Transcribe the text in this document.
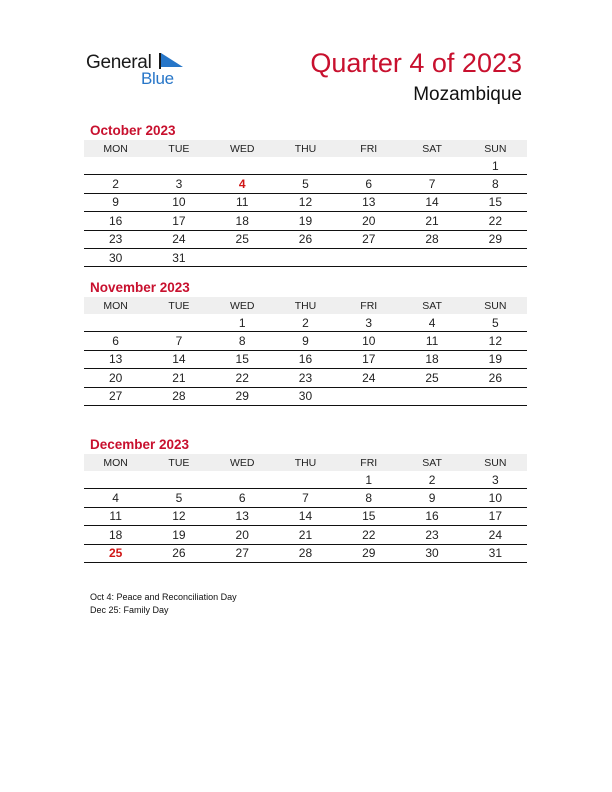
General
Blue
Quarter 4 of 2023
Mozambique
October 2023
MON	TUE	WED	THU	FRI	SAT	SUN
						1
2	3	4	5	6	7	8
9	10	11	12	13	14	15
16	17	18	19	20	21	22
23	24	25	26	27	28	29
30	31					
November 2023
MON	TUE	WED	THU	FRI	SAT	SUN
		1	2	3	4	5
6	7	8	9	10	11	12
13	14	15	16	17	18	19
20	21	22	23	24	25	26
27	28	29	30			
December 2023
MON	TUE	WED	THU	FRI	SAT	SUN
				1	2	3
4	5	6	7	8	9	10
11	12	13	14	15	16	17
18	19	20	21	22	23	24
25	26	27	28	29	30	31
Oct 4: Peace and Reconciliation Day
Dec 25: Family Day
